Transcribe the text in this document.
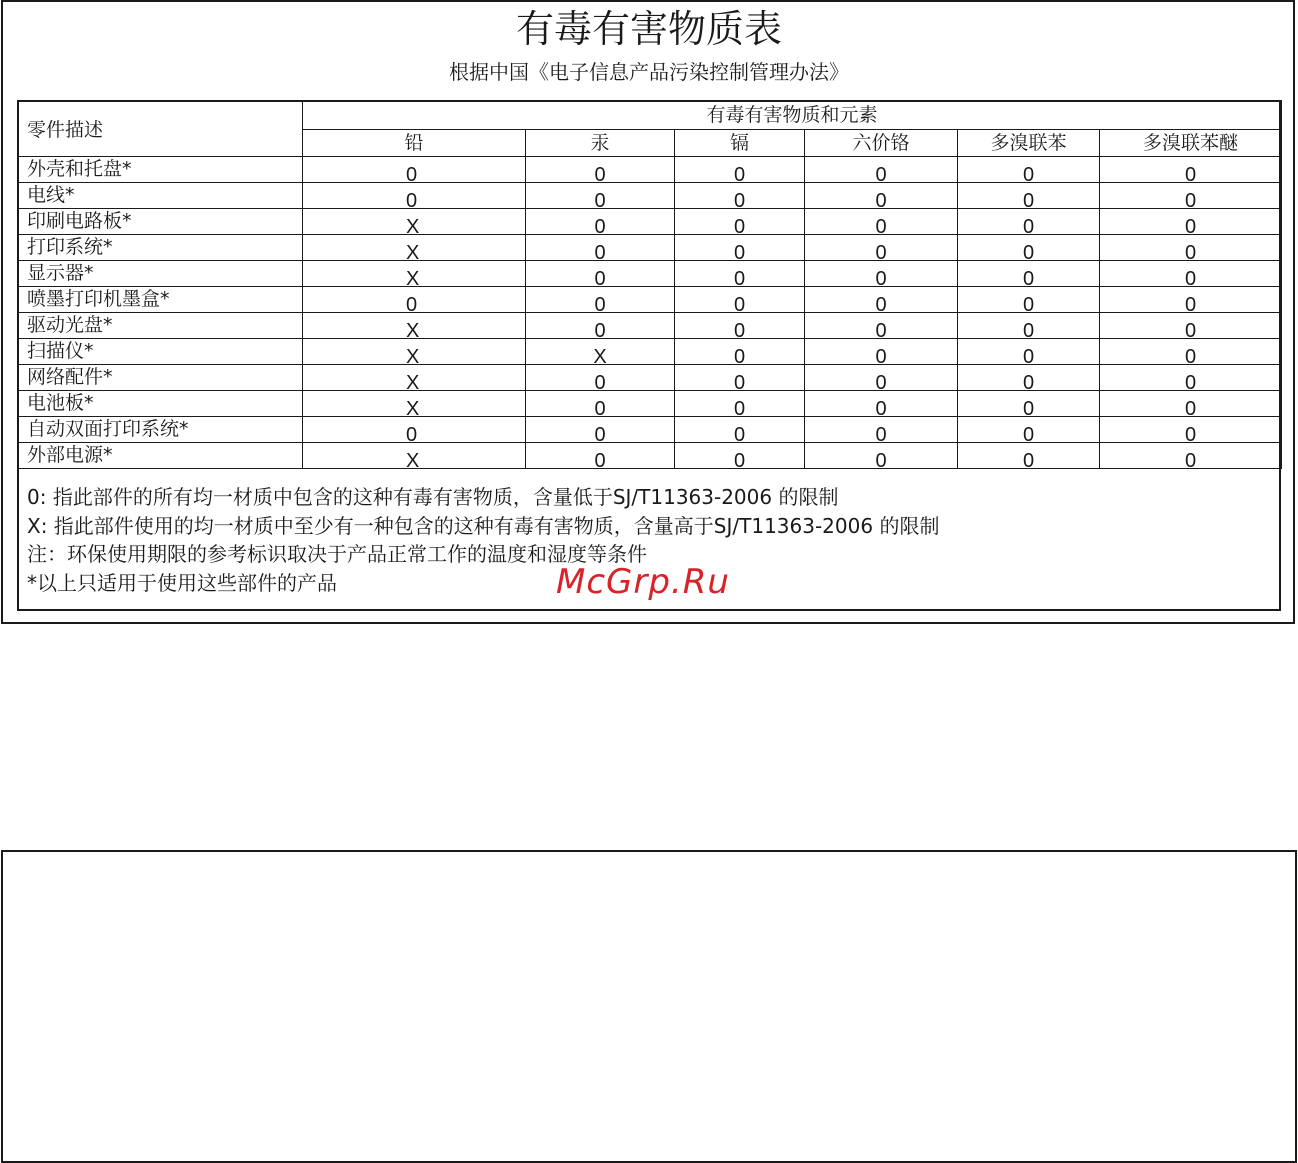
有毒有害物质表
根据中国《电子信息产品污染控制管理办法》
零件描述	有毒有害物质和元素					
	铅	汞	镉	六价铬	多溴联苯	多溴联苯醚
外壳和托盘*	0	0	0	0	0	0
电线*	0	0	0	0	0	0
印刷电路板*	X	0	0	0	0	0
打印系统*	X	0	0	0	0	0
显示器*	X	0	0	0	0	0
喷墨打印机墨盒*	0	0	0	0	0	0
驱动光盘*	X	0	0	0	0	0
扫描仪*	X	X	0	0	0	0
网络配件*	X	0	0	0	0	0
电池板*	X	0	0	0	0	0
自动双面打印系统*	0	0	0	0	0	0
外部电源*	X	0	0	0	0	0
0: 指此部件的所有均一材质中包含的这种有毒有害物质，含量低于SJ/T11363-2006 的限制
X: 指此部件使用的均一材质中至少有一种包含的这种有毒有害物质，含量高于SJ/T11363-2006 的限制
注：环保使用期限的参考标识取决于产品正常工作的温度和湿度等条件
*以上只适用于使用这些部件的产品	McGrp.Ru
